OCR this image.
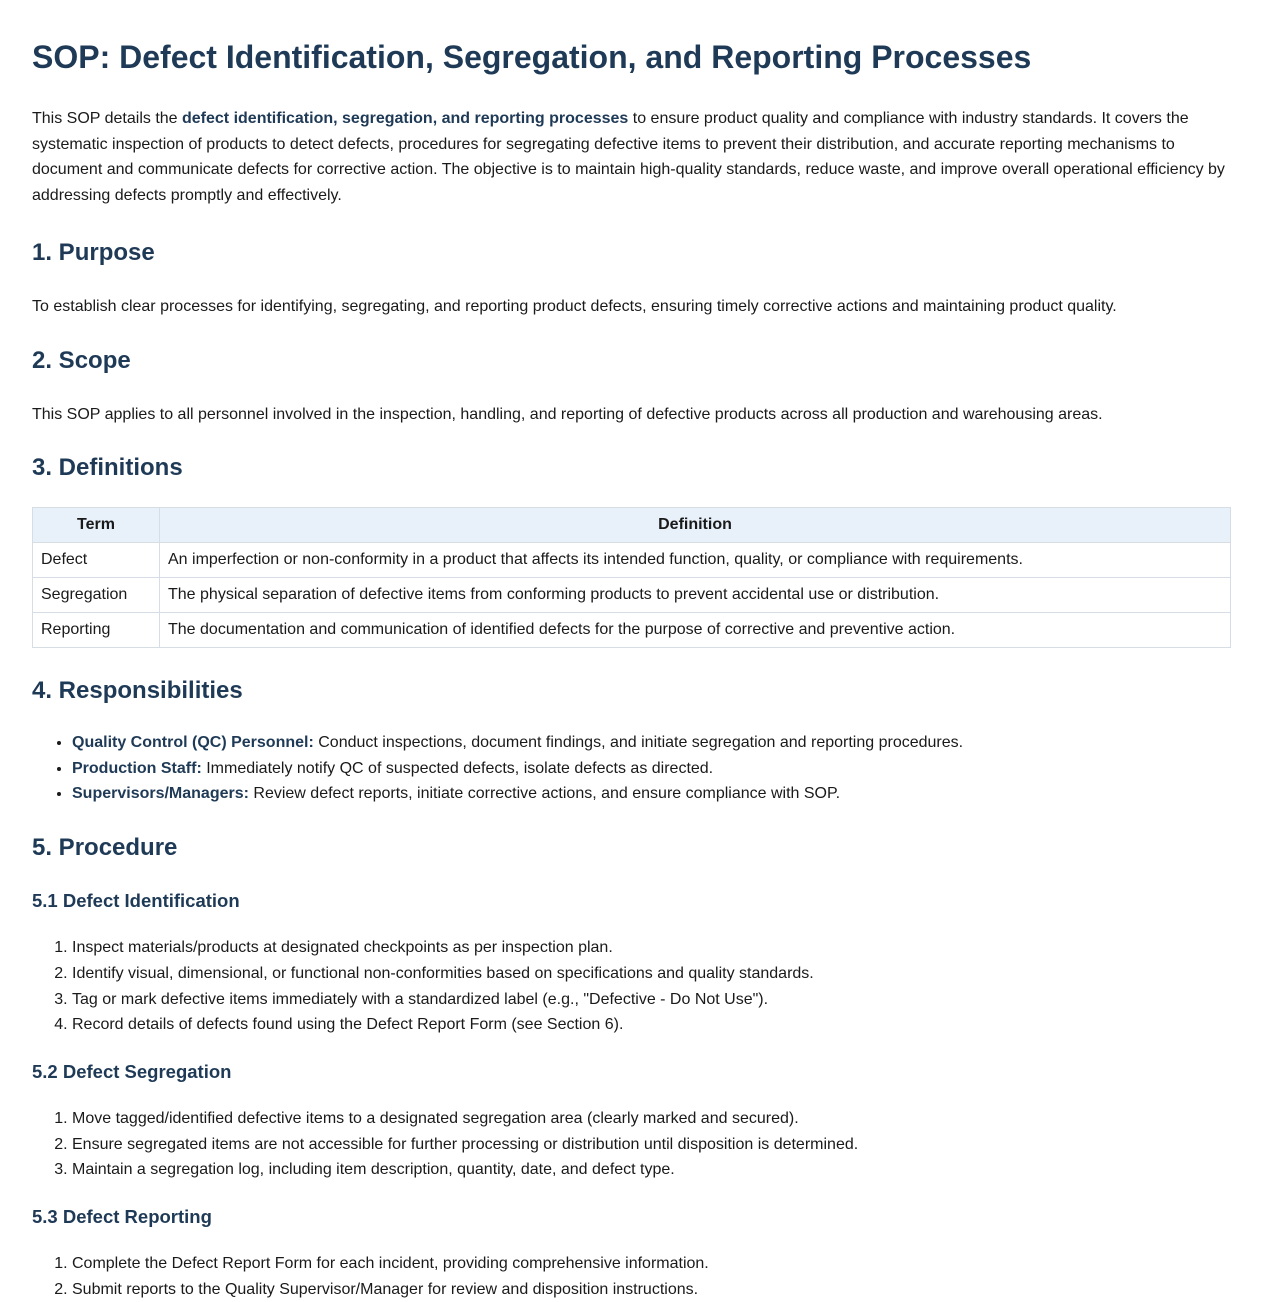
SOP: Defect Identification, Segregation, and Reporting Processes

This SOP details the defect identification, segregation, and reporting processes to ensure product quality and compliance with industry standards. It covers the systematic inspection of products to detect defects, procedures for segregating defective items to prevent their distribution, and accurate reporting mechanisms to document and communicate defects for corrective action. The objective is to maintain high-quality standards, reduce waste, and improve overall operational efficiency by addressing defects promptly and effectively.

1. Purpose

To establish clear processes for identifying, segregating, and reporting product defects, ensuring timely corrective actions and maintaining product quality.

2. Scope

This SOP applies to all personnel involved in the inspection, handling, and reporting of defective products across all production and warehousing areas.

3. Definitions
Term	Definition
Defect	An imperfection or non-conformity in a product that affects its intended function, quality, or compliance with requirements.
Segregation	The physical separation of defective items from conforming products to prevent accidental use or distribution.
Reporting	The documentation and communication of identified defects for the purpose of corrective and preventive action.
4. Responsibilities
• Quality Control (QC) Personnel: Conduct inspections, document findings, and initiate segregation and reporting procedures.
• Production Staff: Immediately notify QC of suspected defects, isolate defects as directed.
• Supervisors/Managers: Review defect reports, initiate corrective actions, and ensure compliance with SOP.
5. Procedure
5.1 Defect Identification
1. Inspect materials/products at designated checkpoints as per inspection plan.
2. Identify visual, dimensional, or functional non-conformities based on specifications and quality standards.
3. Tag or mark defective items immediately with a standardized label (e.g., "Defective - Do Not Use").
4. Record details of defects found using the Defect Report Form (see Section 6).
5.2 Defect Segregation
1. Move tagged/identified defective items to a designated segregation area (clearly marked and secured).
2. Ensure segregated items are not accessible for further processing or distribution until disposition is determined.
3. Maintain a segregation log, including item description, quantity, date, and defect type.
5.3 Defect Reporting
1. Complete the Defect Report Form for each incident, providing comprehensive information.
2. Submit reports to the Quality Supervisor/Manager for review and disposition instructions.
